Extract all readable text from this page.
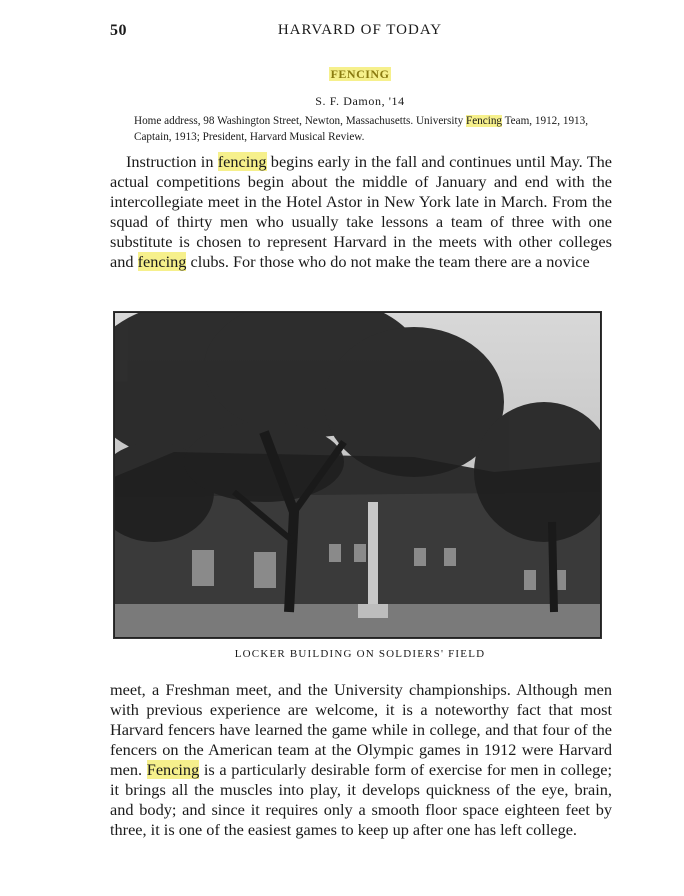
50	HARVARD OF TODAY
FENCING
S. F. Damon, '14
Home address, 98 Washington Street, Newton, Massachusetts. University Fencing Team, 1912, 1913, Captain, 1913; President, Harvard Musical Review.
Instruction in fencing begins early in the fall and continues until May. The actual competitions begin about the middle of January and end with the intercollegiate meet in the Hotel Astor in New York late in March. From the squad of thirty men who usually take lessons a team of three with one substitute is chosen to represent Harvard in the meets with other colleges and fencing clubs. For those who do not make the team there are a novice
LOCKER BUILDING ON SOLDIERS' FIELD
meet, a Freshman meet, and the University championships. Although men with previous experience are welcome, it is a noteworthy fact that most Harvard fencers have learned the game while in college, and that four of the fencers on the American team at the Olympic games in 1912 were Harvard men. Fencing is a particularly desirable form of exercise for men in college; it brings all the muscles into play, it develops quickness of the eye, brain, and body; and since it requires only a smooth floor space eighteen feet by three, it is one of the easiest games to keep up after one has left college.
